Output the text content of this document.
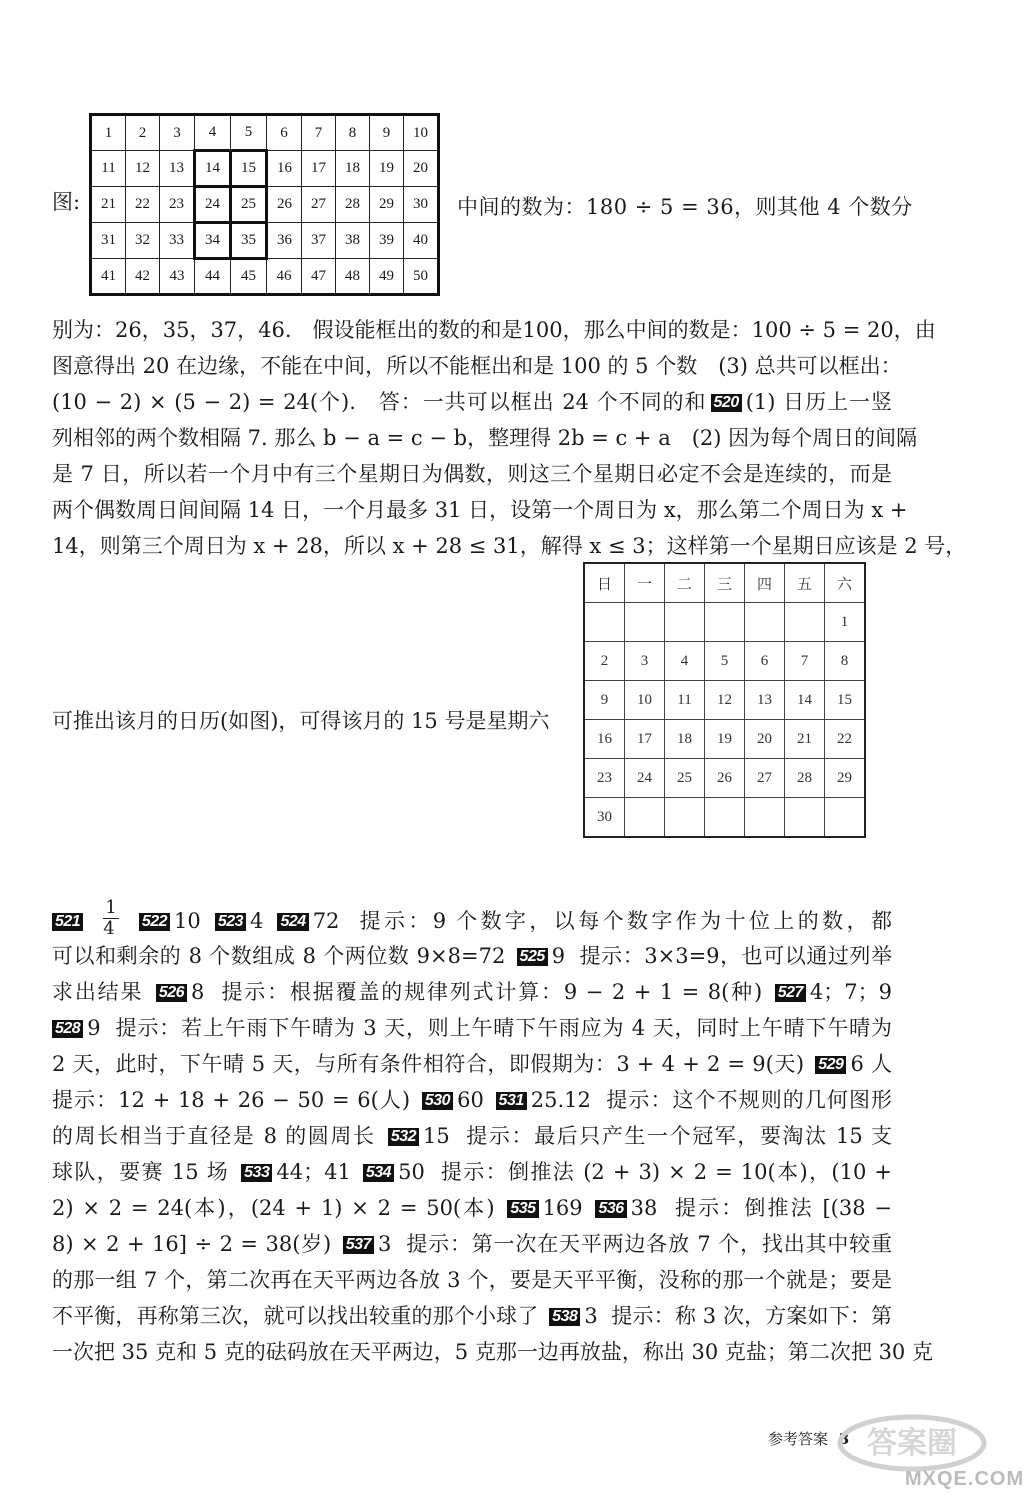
图:
1	2	3	4	5	6	7	8	9	10
11	12	13	14	15	16	17	18	19	20
21	22	23	24	25	26	27	28	29	30
31	32	33	34	35	36	37	38	39	40
41	42	43	44	45	46	47	48	49	50
中间的数为：180 ÷ 5 = 36，则其他 4 个数分
别为：26，35，37，46.　假设能框出的数的和是100，那么中间的数是：100 ÷ 5 = 20，由
图意得出 20 在边缘，不能在中间，所以不能框出和是 100 的 5 个数　(3) 总共可以框出：
(10 − 2) × (5 − 2) = 24(个).　答：一共可以框出 24 个不同的和 520 (1) 日历上一竖
列相邻的两个数相隔 7. 那么 b − a = c − b，整理得 2b = c + a　(2) 因为每个周日的间隔
是 7 日，所以若一个月中有三个星期日为偶数，则这三个星期日必定不会是连续的，而是
两个偶数周日间间隔 14 日，一个月最多 31 日，设第一个周日为 x，那么第二个周日为 x +
14，则第三个周日为 x + 28，所以 x + 28 ≤ 31，解得 x ≤ 3；这样第一个星期日应该是 2 号，
可推出该月的日历(如图)，可得该月的 15 号是星期六
日	一	二	三	四	五	六
						1
2	3	4	5	6	7	8
9	10	11	12	13	14	15
16	17	18	19	20	21	22
23	24	25	26	27	28	29
30						
$521 \frac{1}{4} 522$ 10 523 4 524 72 提示：9 个数字，以每个数字作为十位上的数，都
可以和剩余的 8 个数组成 8 个两位数 9×8=72 525 9 提示：3×3=9，也可以通过列举
求出结果 526 8 提示：根据覆盖的规律列式计算：9 − 2 + 1 = 8(种) 527 4；7；9
528 9 提示：若上午雨下午晴为 3 天，则上午晴下午雨应为 4 天，同时上午晴下午晴为
2 天，此时，下午晴 5 天，与所有条件相符合，即假期为：3 + 4 + 2 = 9(天) 529 6 人
提示：12 + 18 + 26 − 50 = 6(人) 530 60 531 25.12 提示：这个不规则的几何图形
的周长相当于直径是 8 的圆周长 532 15 提示：最后只产生一个冠军，要淘汰 15 支
球队，要赛 15 场 533 44；41 534 50 提示：倒推法 (2 + 3) × 2 = 10(本)，(10 +
2) × 2 = 24(本)，(24 + 1) × 2 = 50(本) 535 169 536 38 提示：倒推法 [(38 −
8) × 2 + 16] ÷ 2 = 38(岁) 537 3 提示：第一次在天平两边各放 7 个，找出其中较重
的那一组 7 个，第二次再在天平两边各放 3 个，要是天平平衡，没称的那一个就是；要是
不平衡，再称第三次，就可以找出较重的那个小球了 538 3 提示：称 3 次，方案如下：第
一次把 35 克和 5 克的砝码放在天平两边，5 克那一边再放盐，称出 30 克盐；第二次把 30 克
参考答案 3 答案圈
MXQE.COM
